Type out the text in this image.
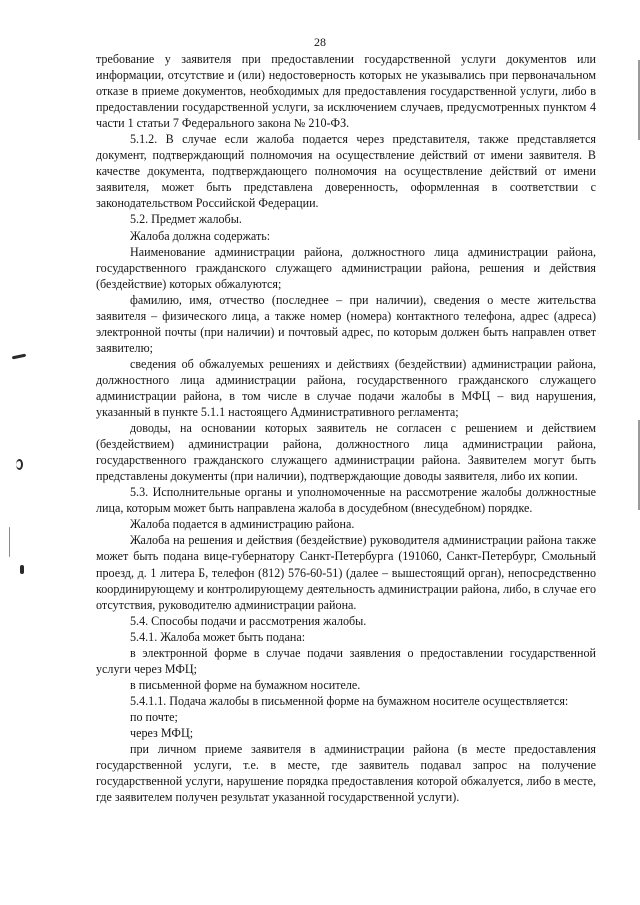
28

требование у заявителя при предоставлении государственной услуги документов или информации, отсутствие и (или) недостоверность которых не указывались при первоначальном отказе в приеме документов, необходимых для предоставления государственной услуги, либо в предоставлении государственной услуги, за исключением случаев, предусмотренных пунктом 4 части 1 статьи 7 Федерального закона № 210-ФЗ.

5.1.2. В случае если жалоба подается через представителя, также представляется документ, подтверждающий полномочия на осуществление действий от имени заявителя. В качестве документа, подтверждающего полномочия на осуществление действий от имени заявителя, может быть представлена доверенность, оформленная в соответствии с законодательством Российской Федерации.

5.2. Предмет жалобы.

Жалоба должна содержать:

Наименование администрации района, должностного лица администрации района, государственного гражданского служащего администрации района, решения и действия (бездействие) которых обжалуются;

фамилию, имя, отчество (последнее – при наличии), сведения о месте жительства заявителя – физического лица, а также номер (номера) контактного телефона, адрес (адреса) электронной почты (при наличии) и почтовый адрес, по которым должен быть направлен ответ заявителю;

сведения об обжалуемых решениях и действиях (бездействии) администрации района, должностного лица администрации района, государственного гражданского служащего администрации района, в том числе в случае подачи жалобы в МФЦ – вид нарушения, указанный в пункте 5.1.1 настоящего Административного регламента;

доводы, на основании которых заявитель не согласен с решением и действием (бездействием) администрации района, должностного лица администрации района, государственного гражданского служащего администрации района. Заявителем могут быть представлены документы (при наличии), подтверждающие доводы заявителя, либо их копии.

5.3. Исполнительные органы и уполномоченные на рассмотрение жалобы должностные лица, которым может быть направлена жалоба в досудебном (внесудебном) порядке.

Жалоба подается в администрацию района.

Жалоба на решения и действия (бездействие) руководителя администрации района также может быть подана вице-губернатору Санкт-Петербурга (191060, Санкт-Петербург, Смольный проезд, д. 1 литера Б, телефон (812) 576-60-51) (далее – вышестоящий орган), непосредственно координирующему и контролирующему деятельность администрации района, либо, в случае его отсутствия, руководителю администрации района.

5.4. Способы подачи и рассмотрения жалобы.

5.4.1. Жалоба может быть подана:

в электронной форме в случае подачи заявления о предоставлении государственной услуги через МФЦ;

в письменной форме на бумажном носителе.

5.4.1.1. Подача жалобы в письменной форме на бумажном носителе осуществляется:

по почте;

через МФЦ;

при личном приеме заявителя в администрации района (в месте предоставления государственной услуги, т.е. в месте, где заявитель подавал запрос на получение государственной услуги, нарушение порядка предоставления которой обжалуется, либо в месте, где заявителем получен результат указанной государственной услуги).
